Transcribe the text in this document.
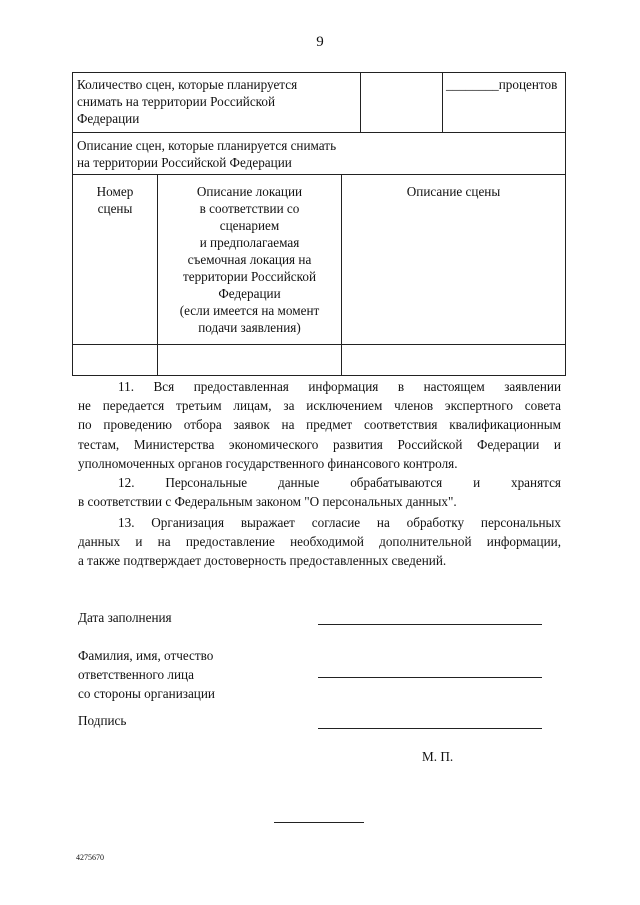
9
Количество сцен, которые планируется
снимать на территории Российской
Федерации
________процентов
Описание сцен, которые планируется снимать
на территории Российской Федерации
Номер
сцены
Описание локации
в соответствии со
сценарием
и предполагаемая
съемочная локация на
территории Российской
Федерации
(если имеется на момент
подачи заявления)
Описание сцены
11. Вся предоставленная информация в настоящем заявлении
не передается третьим лицам, за исключением членов экспертного совета
по проведению отбора заявок на предмет соответствия квалификационным
тестам, Министерства экономического развития Российской Федерации и
уполномоченных органов государственного финансового контроля.
12. Персональные данные обрабатываются и хранятся
в соответствии с Федеральным законом "О персональных данных".
13. Организация выражает согласие на обработку персональных
данных и на предоставление необходимой дополнительной информации,
а также подтверждает достоверность предоставленных сведений.
Дата заполнения
Фамилия, имя, отчество
ответственного лица
со стороны организации
Подпись
М. П.
4275670
